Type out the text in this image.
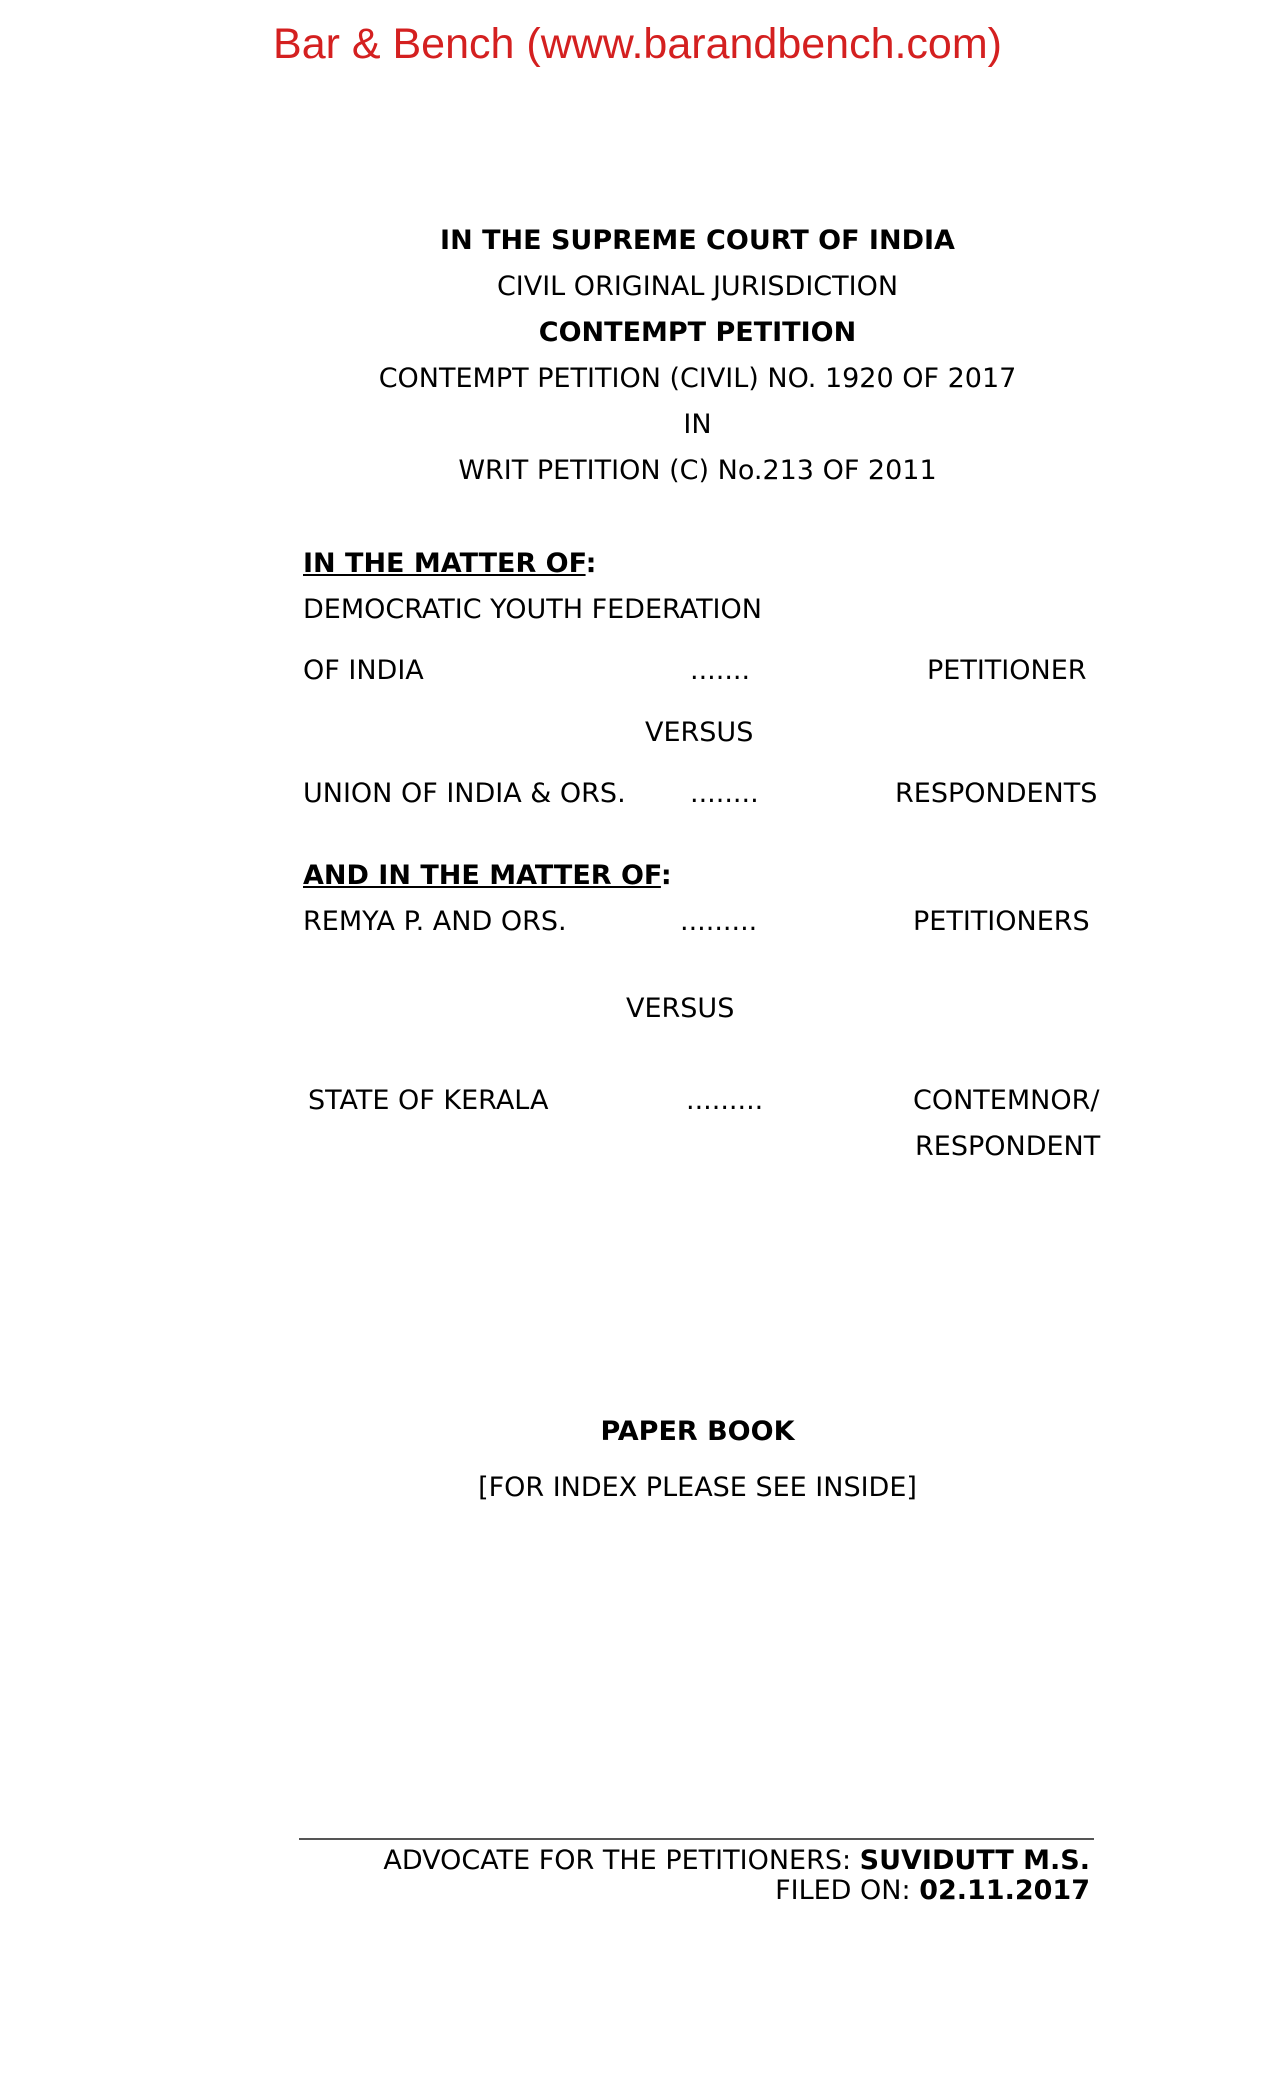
Bar & Bench (www.barandbench.com)
IN THE SUPREME COURT OF INDIA
CIVIL ORIGINAL JURISDICTION
CONTEMPT PETITION
CONTEMPT PETITION (CIVIL) NO. 1920 OF 2017
IN
WRIT PETITION (C) No.213 OF 2011
IN THE MATTER OF:
DEMOCRATIC YOUTH FEDERATION
OF INDIA	.......	PETITIONER
VERSUS
UNION OF INDIA & ORS. ........	RESPONDENTS
AND IN THE MATTER OF:
REMYA P. AND ORS.	.........	PETITIONERS
VERSUS
STATE OF KERALA	.........	CONTEMNOR/
RESPONDENT
PAPER BOOK
[FOR INDEX PLEASE SEE INSIDE]
ADVOCATE FOR THE PETITIONERS: SUVIDUTT M.S.
FILED ON: 02.11.2017
